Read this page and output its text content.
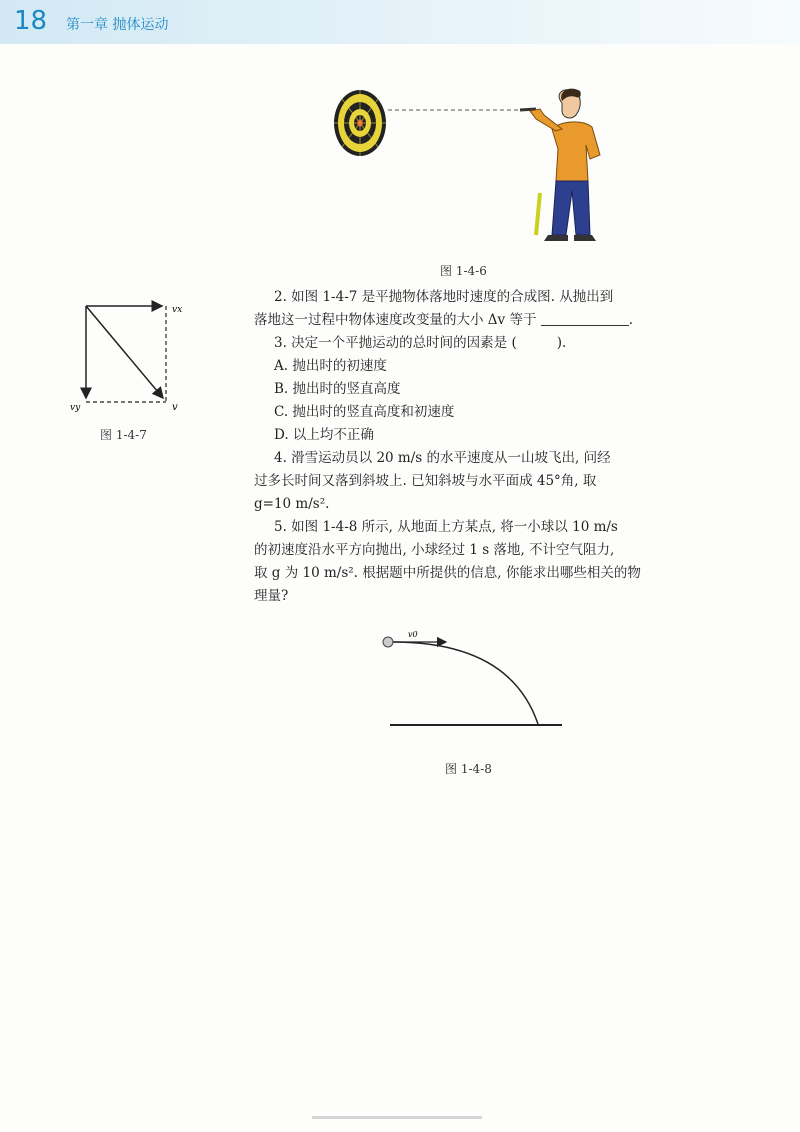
18 第一章 抛体运动
图 1-4-6
vx
vy	v
图 1-4-7
2. 如图 1-4-7 是平抛物体落地时速度的合成图. 从抛出到
落地这一过程中物体速度改变量的大小 Δv 等于	.
3. 决定一个平抛运动的总时间的因素是 (	).
A. 抛出时的初速度
B. 抛出时的竖直高度
C. 抛出时的竖直高度和初速度
D. 以上均不正确
4. 滑雪运动员以 20 m/s 的水平速度从一山坡飞出, 问经
过多长时间又落到斜坡上. 已知斜坡与水平面成 45°角, 取
g=10 m/s².
5. 如图 1-4-8 所示, 从地面上方某点, 将一小球以 10 m/s
的初速度沿水平方向抛出, 小球经过 1 s 落地, 不计空气阻力,
取 g 为 10 m/s². 根据题中所提供的信息, 你能求出哪些相关的物
理量?
v0
图 1-4-8
